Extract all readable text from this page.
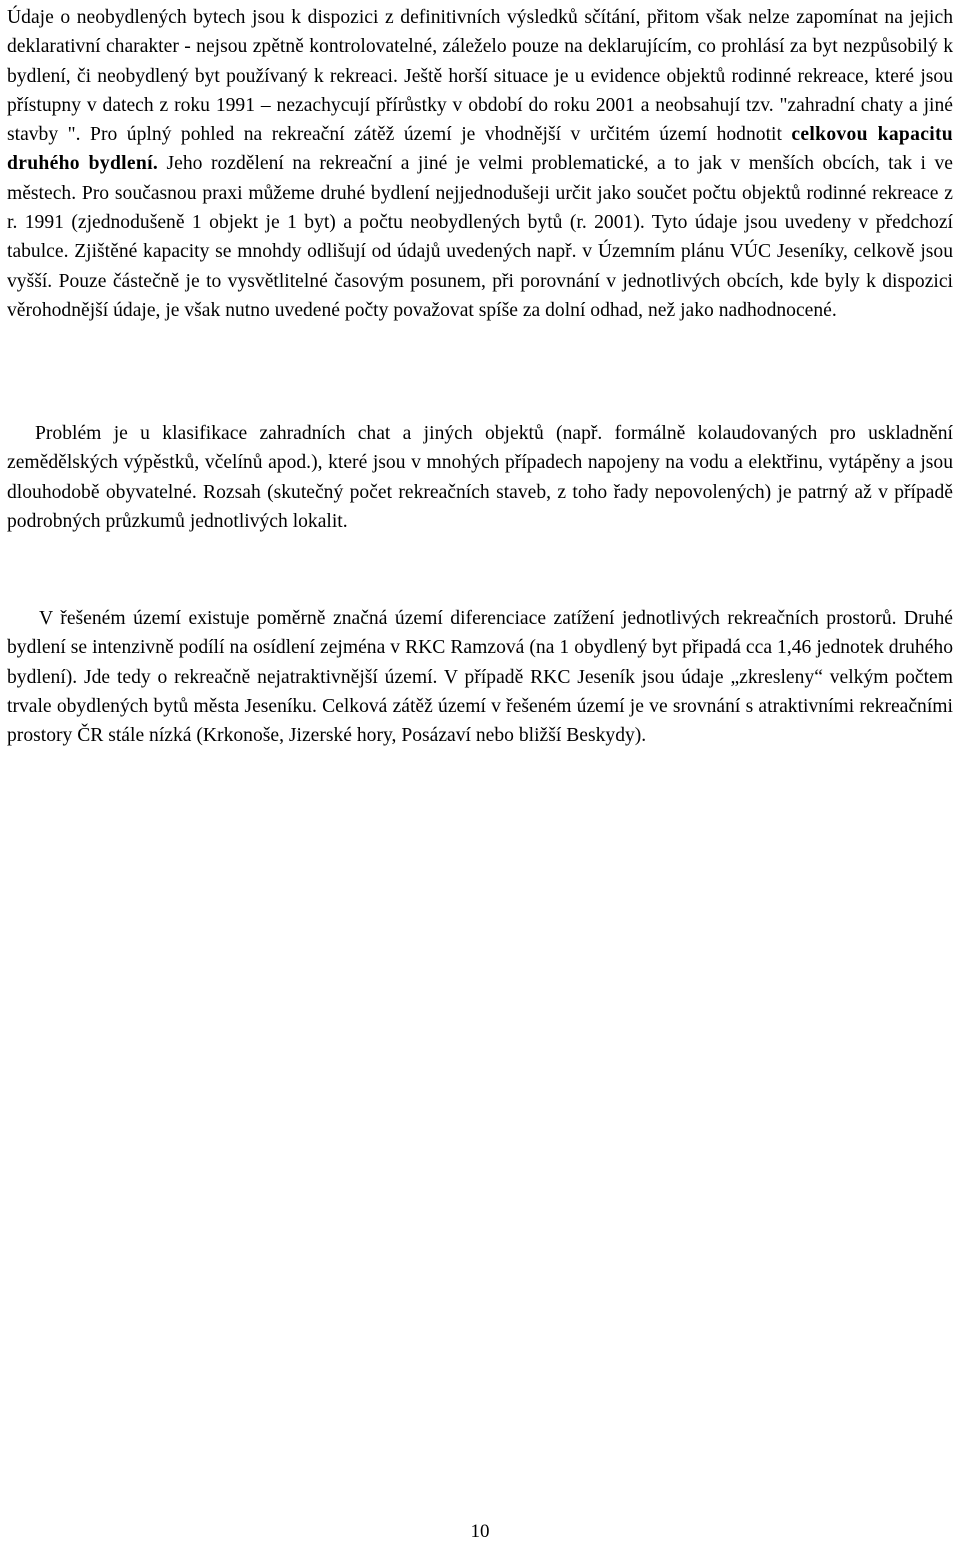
Údaje o neobydlených bytech jsou k dispozici z definitivních výsledků sčítání, přitom však nelze zapomínat na jejich deklarativní charakter - nejsou zpětně kontrolovatelné, záleželo pouze na deklarujícím, co prohlásí za byt nezpůsobilý k bydlení, či neobydlený byt používaný k rekreaci. Ještě horší situace je u evidence objektů rodinné rekreace, které jsou přístupny v datech z roku 1991 – nezachycují přírůstky v období do roku 2001 a neobsahují tzv. "zahradní chaty a jiné stavby ". Pro úplný pohled na rekreační zátěž území je vhodnější v určitém území hodnotit celkovou kapacitu druhého bydlení. Jeho rozdělení na rekreační a jiné je velmi problematické, a to jak v menších obcích, tak i ve městech. Pro současnou praxi můžeme druhé bydlení nejjednodušeji určit jako součet počtu objektů rodinné rekreace z r. 1991 (zjednodušeně 1 objekt je 1 byt) a počtu neobydlených bytů (r. 2001). Tyto údaje jsou uvedeny v předchozí tabulce. Zjištěné kapacity se mnohdy odlišují od údajů uvedených např. v Územním plánu VÚC Jeseníky, celkově jsou vyšší. Pouze částečně je to vysvětlitelné časovým posunem, při porovnání v jednotlivých obcích, kde byly k dispozici věrohodnější údaje, je však nutno uvedené počty považovat spíše za dolní odhad, než jako nadhodnocené.

Problém je u klasifikace zahradních chat a jiných objektů (např. formálně kolaudovaných pro uskladnění zemědělských výpěstků, včelínů apod.), které jsou v mnohých případech napojeny na vodu a elektřinu, vytápěny a jsou dlouhodobě obyvatelné. Rozsah (skutečný počet rekreačních staveb, z toho řady nepovolených) je patrný až v případě podrobných průzkumů jednotlivých lokalit.

V řešeném území existuje poměrně značná území diferenciace zatížení jednotlivých rekreačních prostorů. Druhé bydlení se intenzivně podílí na osídlení zejména v RKC Ramzová (na 1 obydlený byt připadá cca 1,46 jednotek druhého bydlení). Jde tedy o rekreačně nejatraktivnější území. V případě RKC Jeseník jsou údaje „zkresleny“ velkým počtem trvale obydlených bytů města Jeseníku. Celková zátěž území v řešeném území je ve srovnání s atraktivními rekreačními prostory ČR stále nízká (Krkonoše, Jizerské hory, Posázaví nebo bližší Beskydy).

10
